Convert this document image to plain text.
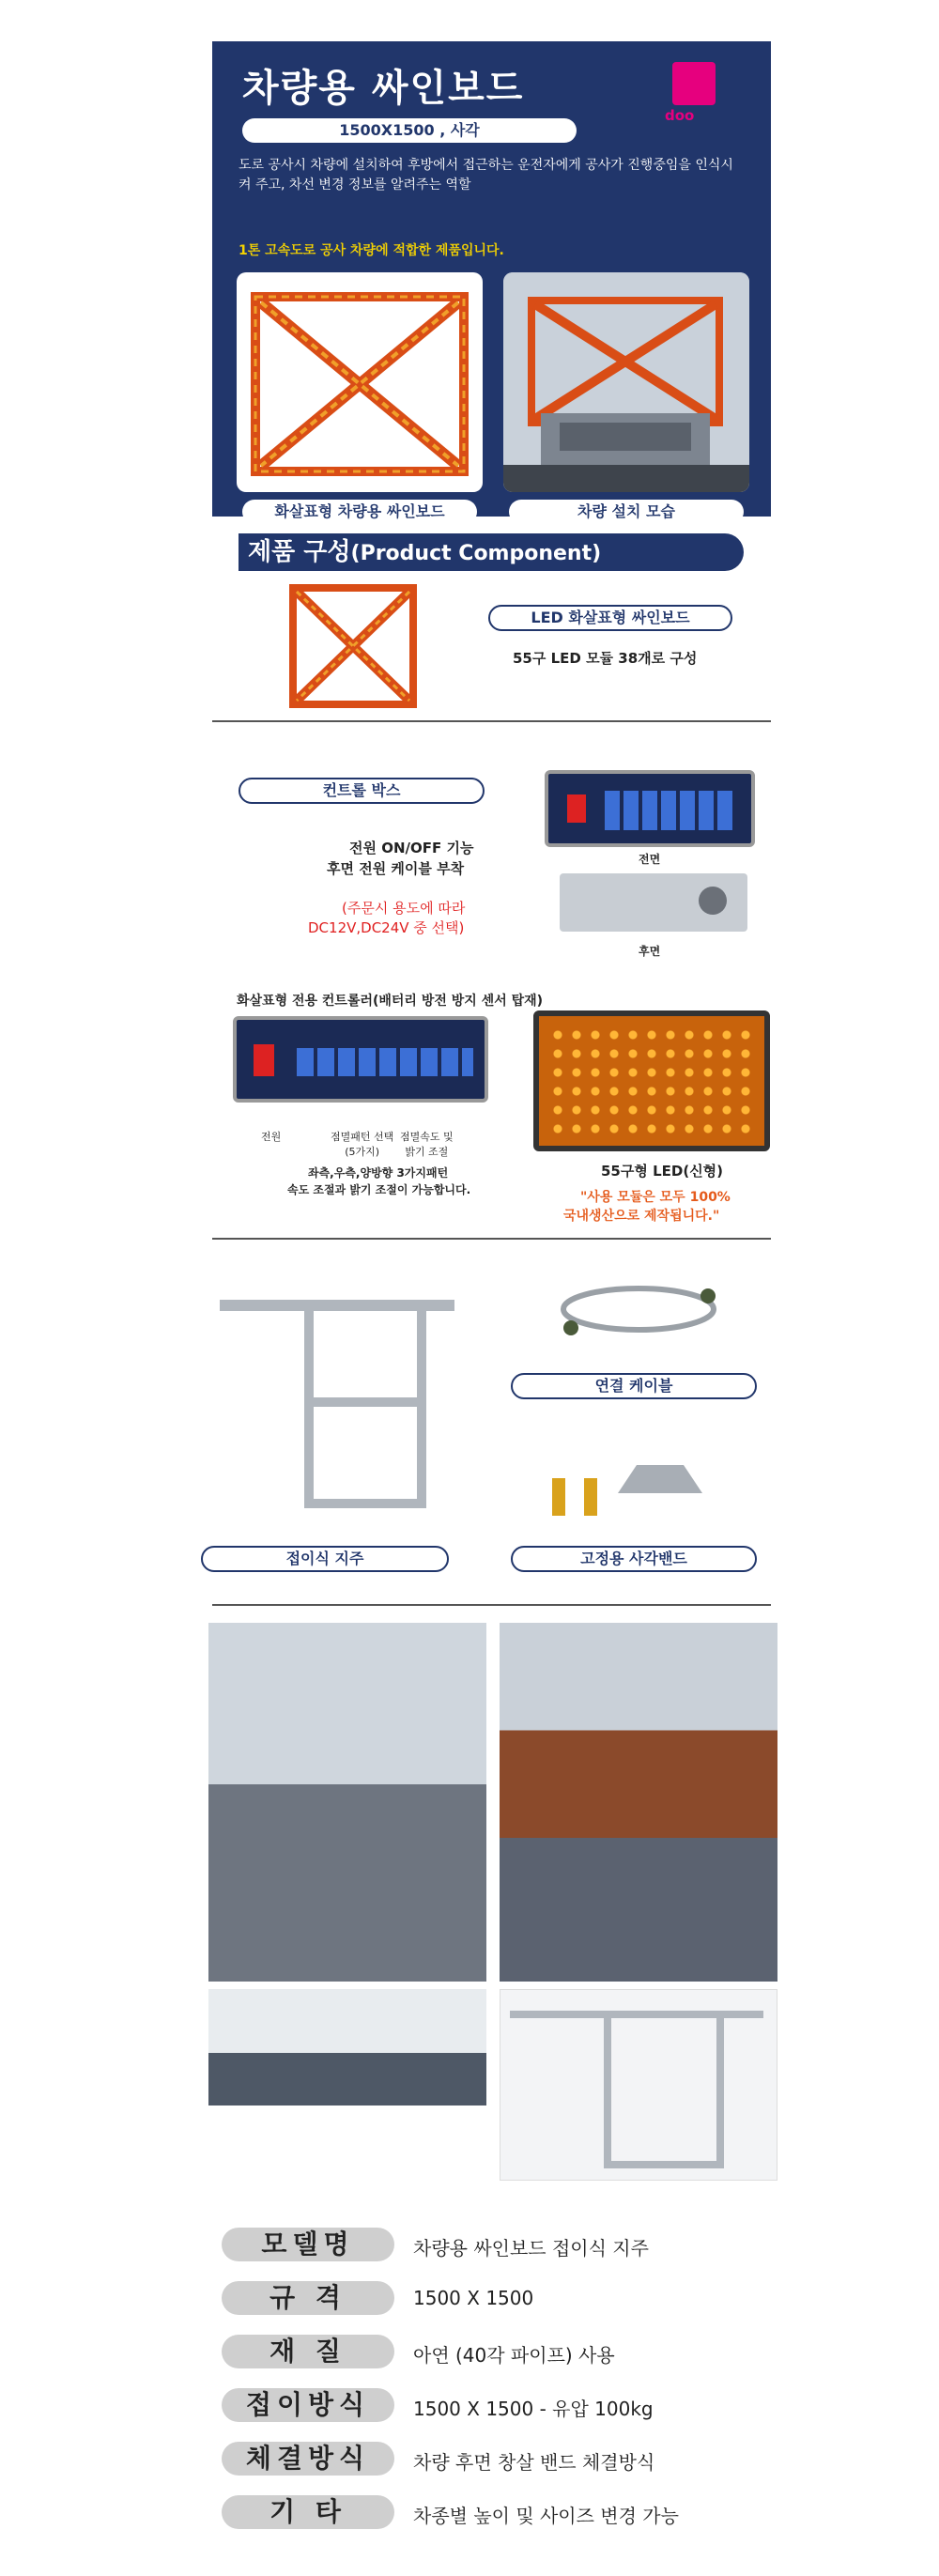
차량용 싸인보드
doo
1500X1500 , 사각
도로 공사시 차량에 설치하여 후방에서 접근하는 운전자에게 공사가 진행중임을 인식시켜 주고, 차선 변경 정보를 알려주는 역할
1톤 고속도로 공사 차량에 적합한 제품입니다.
화살표형 차량용 싸인보드	차량 설치 모습
제품 구성(Product Component)
LED 화살표형 싸인보드
55구 LED 모듈 38개로 구성
컨트롤 박스
전원 ON/OFF 기능
후면 전원 케이블 부착
(주문시 용도에 따라
DC12V,DC24V 중 선택)
전면
후면
화살표형 전용 컨트롤러(배터리 방전 방지 센서 탑재)
전원	점멸패턴 선택
(5가지)
점멸속도 및
밝기 조절
좌측,우측,양방향 3가지패턴
속도 조절과 밝기 조절이 가능합니다.
55구형 LED(신형)
"사용 모듈은 모두 100%
국내생산으로 제작됩니다."
연결 케이블
접이식 지주	고정용 사각밴드
모델명	차량용 싸인보드 접이식 지주
규 격	1500 X 1500
재 질	아연 (40각 파이프) 사용
접이방식	1500 X 1500 - 유압 100kg
체결방식	차량 후면 창살 밴드 체결방식
기 타	차종별 높이 및 사이즈 변경 가능
